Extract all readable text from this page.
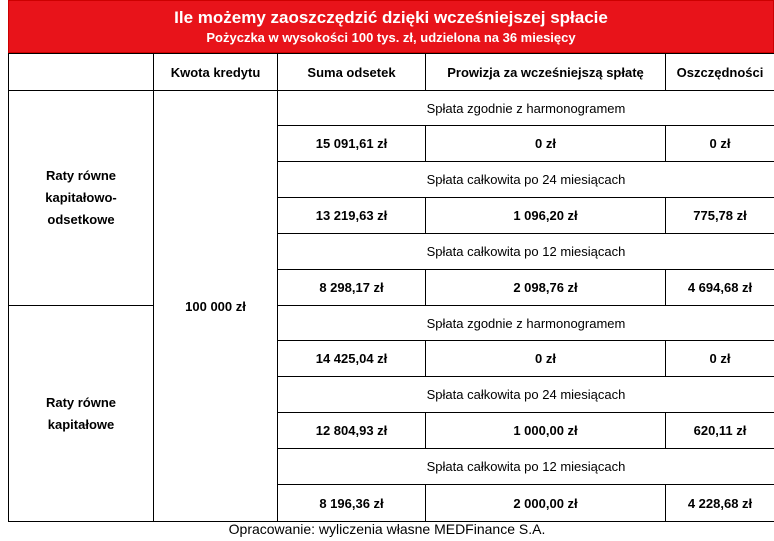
Ile możemy zaoszczędzić dzięki wcześniejszej spłacie
Pożyczka w wysokości 100 tys. zł, udzielona na 36 miesięcy
	Kwota kredytu	Suma odsetek	Prowizja za wcześniejszą spłatę	Oszczędności
Raty równe
kapitałowo-
odsetkowe	100 000 zł	Spłata zgodnie z harmonogramem		
		15 091,61 zł	0 zł	0 zł
		Spłata całkowita po 24 miesiącach		
		13 219,63 zł	1 096,20 zł	775,78 zł
		Spłata całkowita po 12 miesiącach		
		8 298,17 zł	2 098,76 zł	4 694,68 zł
Raty równe
kapitałowe		Spłata zgodnie z harmonogramem		
		14 425,04 zł	0 zł	0 zł
		Spłata całkowita po 24 miesiącach		
		12 804,93 zł	1 000,00 zł	620,11 zł
		Spłata całkowita po 12 miesiącach		
		8 196,36 zł	2 000,00 zł	4 228,68 zł
Opracowanie: wyliczenia własne MEDFinance S.A.
